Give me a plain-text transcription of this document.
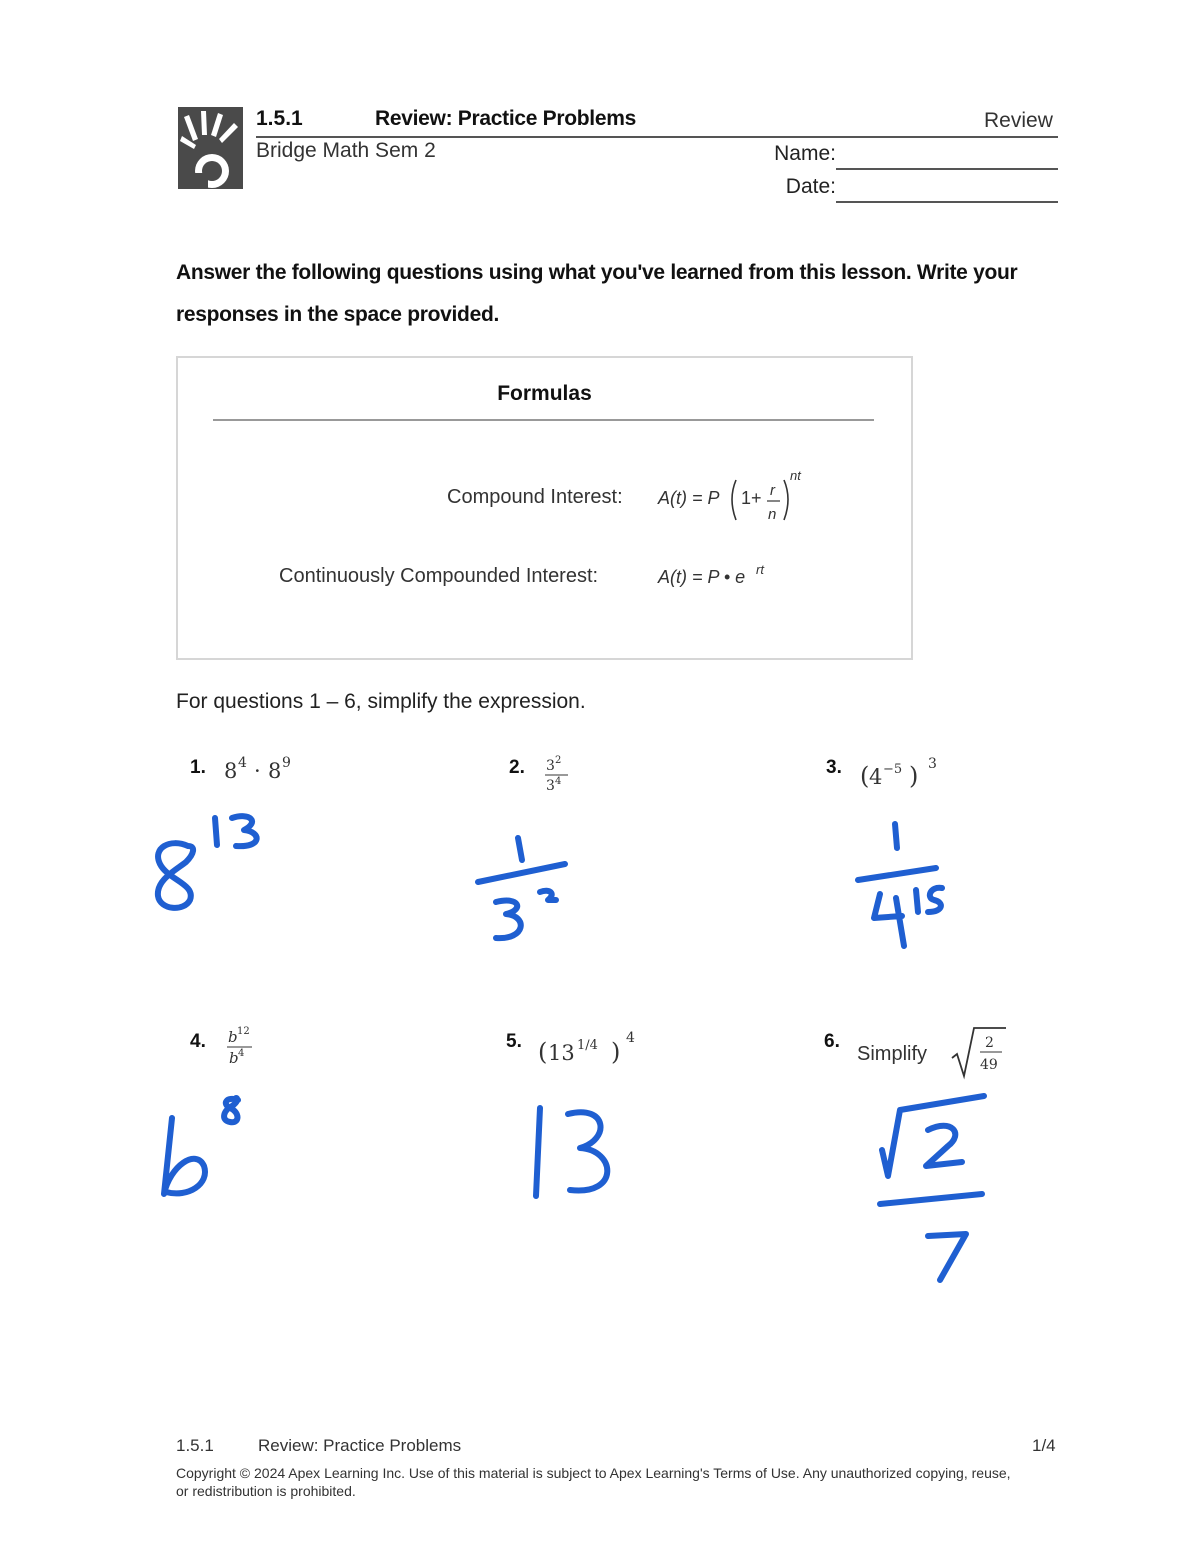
1.5.1	Review: Practice Problems	Review
Bridge Math Sem 2	Name:
Date:
Answer the following questions using what you've learned from this lesson. Write your responses in the space provided.
Formulas
Compound Interest: A(t) = P 1+ r
n
nt
Continuously Compounded Interest:	A(t) = P • e rt
For questions 1 – 6, simplify the expression.
1. 8 4 · 8 9	2. 3 2
3 4
3. ( 4 −5 ) 3
4. b 12
b 4
5. ( 13 1/4 ) 4	6.
Simplify	2
49
1.5.1	Review: Practice Problems	1/4
Copyright © 2024 Apex Learning Inc. Use of this material is subject to Apex Learning's Terms of Use. Any unauthorized copying, reuse, or redistribution is prohibited.
